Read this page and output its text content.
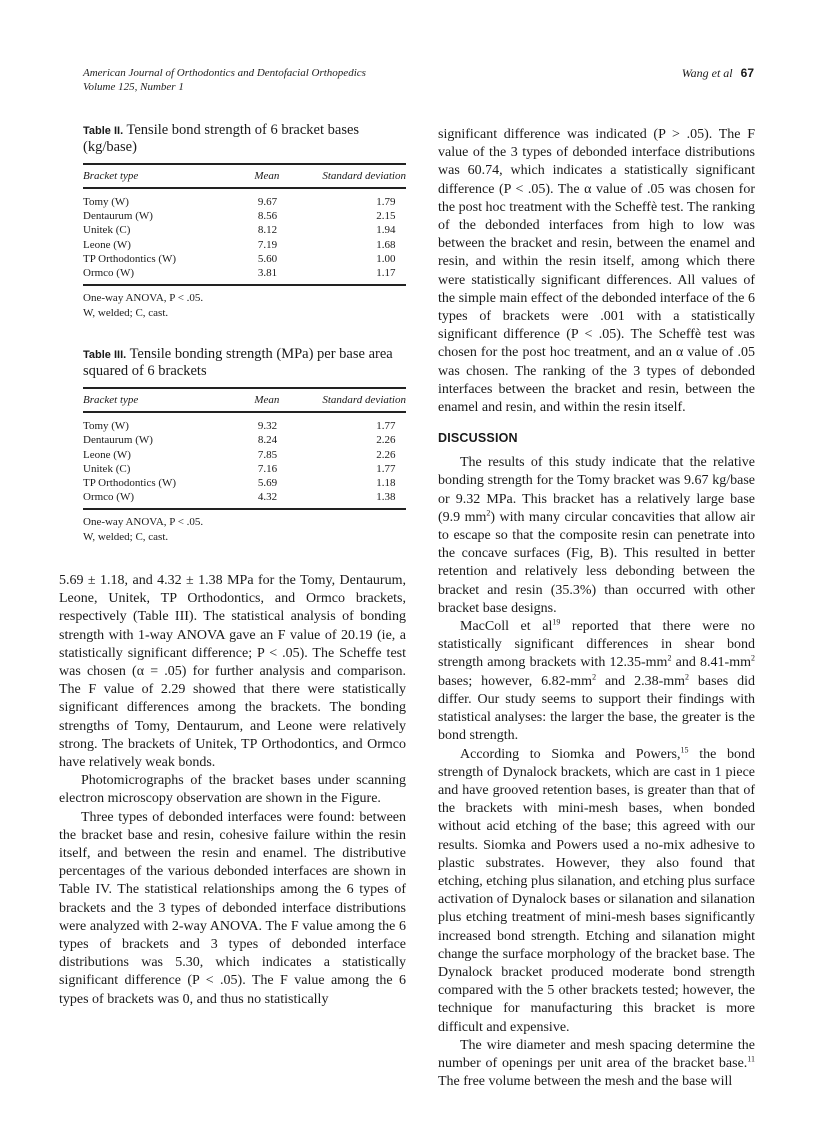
American Journal of Orthodontics and Dentofacial Orthopedics
Volume 125, Number 1
Wang et al 67

Table II. Tensile bond strength of 6 bracket bases (kg/base)

Bracket type	Mean	Standard deviation
Tomy (W)	9.67	1.79
Dentaurum (W)	8.56	2.15
Unitek (C)	8.12	1.94
Leone (W)	7.19	1.68
TP Orthodontics (W)	5.60	1.00
Ormco (W)	3.81	1.17
One-way ANOVA, P < .05.
W, welded; C, cast.

Table III. Tensile bonding strength (MPa) per base area squared of 6 brackets

Bracket type	Mean	Standard deviation
Tomy (W)	9.32	1.77
Dentaurum (W)	8.24	2.26
Leone (W)	7.85	2.26
Unitek (C)	7.16	1.77
TP Orthodontics (W)	5.69	1.18
Ormco (W)	4.32	1.38
One-way ANOVA, P < .05.
W, welded; C, cast.

5.69 ± 1.18, and 4.32 ± 1.38 MPa for the Tomy, Dentaurum, Leone, Unitek, TP Orthodontics, and Ormco brackets, respectively (Table III). The statistical analysis of bonding strength with 1-way ANOVA gave an F value of 20.19 (ie, a statistically significant difference; P < .05). The Scheffe test was chosen (α = .05) for further analysis and comparison. The F value of 2.29 showed that there were statistically significant differences among the brackets. The bonding strengths of Tomy, Dentaurum, and Leone were relatively strong. The brackets of Unitek, TP Orthodontics, and Ormco have relatively weak bonds.

Photomicrographs of the bracket bases under scanning electron microscopy observation are shown in the Figure.

Three types of debonded interfaces were found: between the bracket base and resin, cohesive failure within the resin itself, and between the resin and enamel. The distributive percentages of the various debonded interfaces are shown in Table IV. The statistical relationships among the 6 types of brackets and the 3 types of debonded interface distributions were analyzed with 2-way ANOVA. The F value among the 6 types of brackets and 3 types of debonded interface distributions was 5.30, which indicates a statistically significant difference (P < .05). The F value among the 6 types of brackets was 0, and thus no statistically

significant difference was indicated (P > .05). The F value of the 3 types of debonded interface distributions was 60.74, which indicates a statistically significant difference (P < .05). The α value of .05 was chosen for the post hoc treatment with the Scheffè test. The ranking of the debonded interfaces from high to low was between the bracket and resin, between the enamel and resin, and within the resin itself, among which there were statistically significant differences. All values of the simple main effect of the debonded interface of the 6 types of brackets were .001 with a statistically significant difference (P < .05). The Scheffè test was chosen for the post hoc treatment, and an α value of .05 was chosen. The ranking of the 3 types of debonded interfaces between the bracket and resin, between the enamel and resin, and within the resin itself.

DISCUSSION

The results of this study indicate that the relative bonding strength for the Tomy bracket was 9.67 kg/base or 9.32 MPa. This bracket has a relatively large base (9.9 $mm^2$) with many circular concavities that allow air to escape so that the composite resin can penetrate into the concave surfaces (Fig, B). This resulted in better retention and relatively less debonding between the bracket and resin (35.3%) than occurred with other bracket base designs.

MacColl et $al^{19}$ reported that there were no statistically significant differences in shear bond strength among brackets with $12.35-mm^2$ and $8.41-mm^2$ bases; however, $6.82-mm^2$ and $2.38-mm^2$ bases did differ. Our study seems to support their findings with statistical analyses: the larger the base, the greater is the bond strength.

According to Siomka and Powers,$^{15}$ the bond strength of Dynalock brackets, which are cast in 1 piece and have grooved retention bases, is greater than that of the brackets with mini-mesh bases, when bonded without acid etching of the base; this agreed with our results. Siomka and Powers used a no-mix adhesive to plastic substrates. However, they also found that etching, etching plus silanation, and etching plus surface activation of Dynalock bases or silanation and silanation plus etching treatment of mini-mesh bases significantly increased bond strength. Etching and silanation might change the surface morphology of the bracket base. The Dynalock bracket produced moderate bond strength compared with the 5 other brackets tested; however, the technique for manufacturing this bracket is more difficult and expensive.

The wire diameter and mesh spacing determine the number of openings per unit area of the bracket base.$^{11}$ The free volume between the mesh and the base will
